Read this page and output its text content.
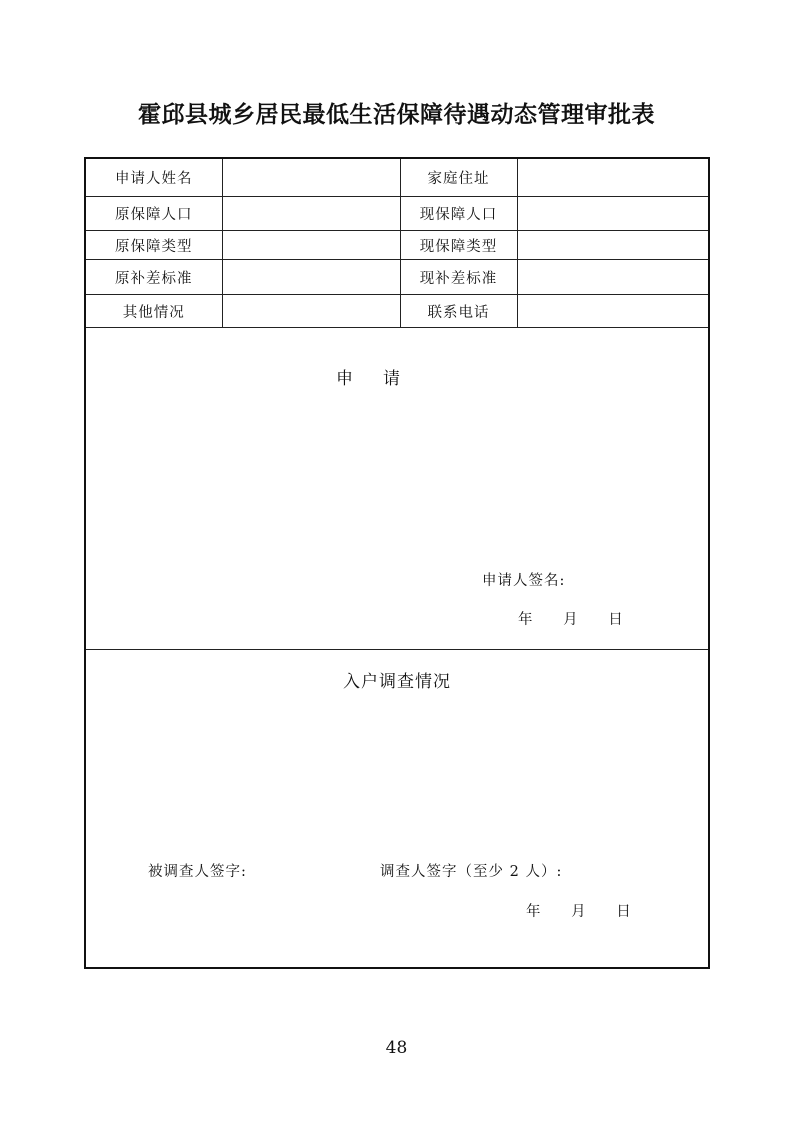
霍邱县城乡居民最低生活保障待遇动态管理审批表
申请人姓名		家庭住址	
原保障人口		现保障人口	
原保障类型		现保障类型	
原补差标准		现补差标准	
其他情况		联系电话	
申请
申请人签名:
年 月 日
入户调查情况
被调查人签字:	调查人签字（至少 2 人）:
年 月 日
48
